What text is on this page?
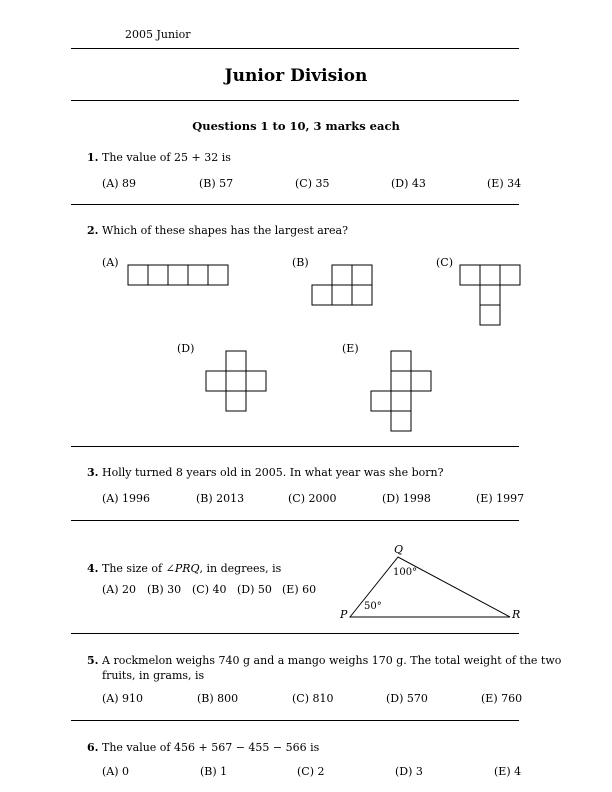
2005 Junior
Junior Division
Questions 1 to 10, 3 marks each
1. The value of 25 + 32 is
(A) 89	(B) 57	(C) 35	(D) 43	(E) 34
2. Which of these shapes has the largest area?
(A)	(B)	(C)
(D)	(E)
3. Holly turned 8 years old in 2005. In what year was she born?
(A) 1996	(B) 2013	(C) 2000	(D) 1998	(E) 1997
4. The size of ∠PRQ, in degrees, is
(A) 20 (B) 30 (C) 40 (D) 50 (E) 60
Q
P	R
100°
50°
5. A rockmelon weighs 740 g and a mango weighs 170 g. The total weight of the two
fruits, in grams, is
(A) 910	(B) 800	(C) 810	(D) 570	(E) 760
6. The value of 456 + 567 − 455 − 566 is
(A) 0	(B) 1	(C) 2	(D) 3	(E) 4
